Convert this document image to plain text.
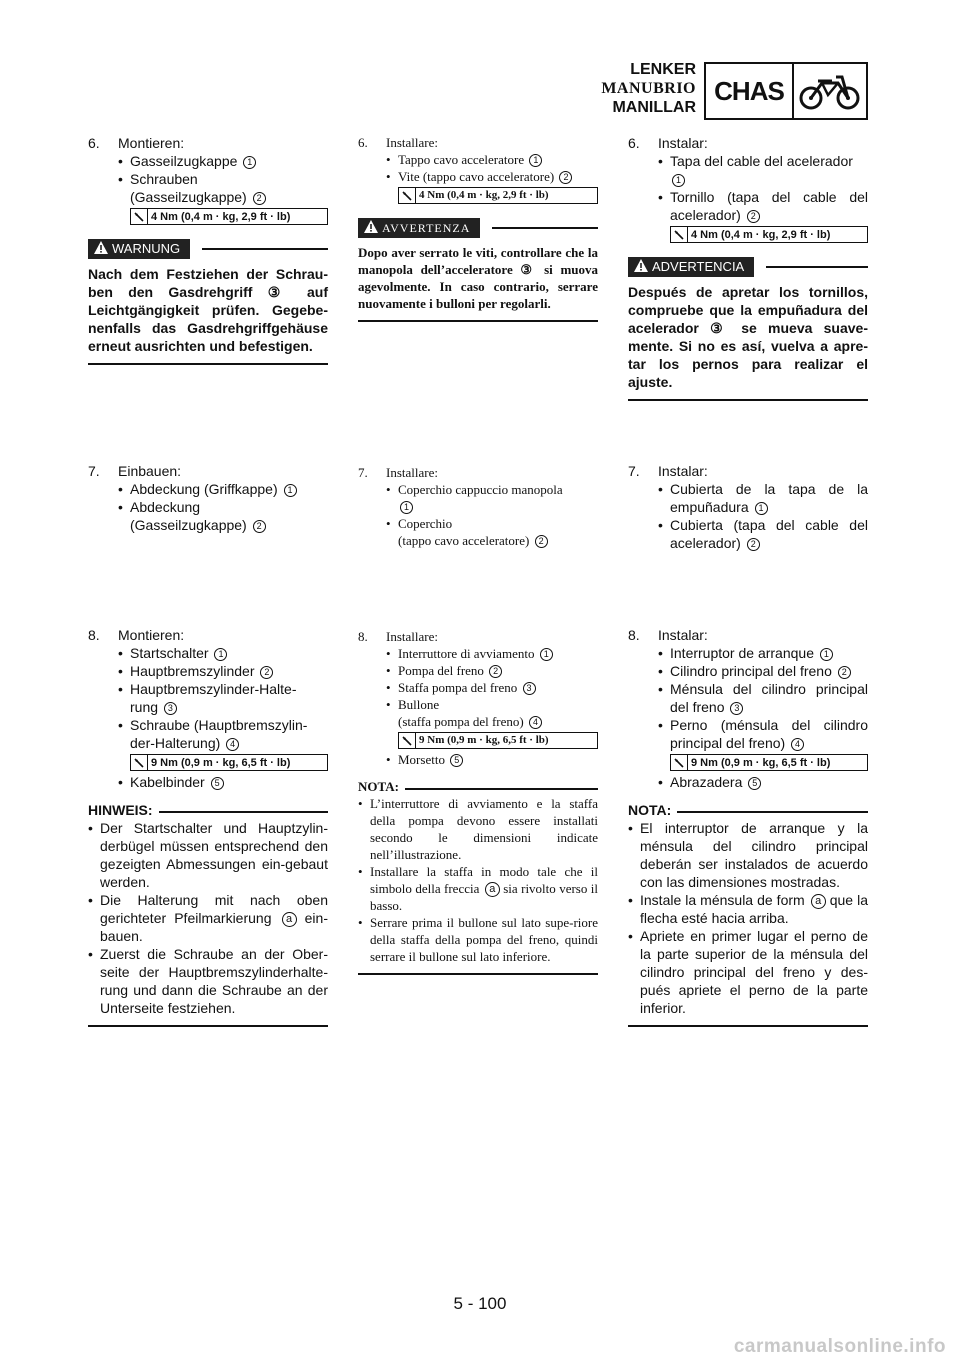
LENKER
MANUBRIO
MANILLAR
CHAS
6.	Montieren:
• Gasseilzugkappe 1
• Schrauben
(Gasseilzugkappe) 2
4 Nm (0,4 m · kg, 2,9 ft · lb)
WARNUNG
Nach dem Festziehen der Schrau-ben den Gasdrehgriff ③ auf Leichtgängigkeit prüfen. Gegebe-nenfalls das Gasdrehgriffgehäuse erneut ausrichten und befestigen.
7.	Einbauen:
• Abdeckung (Griffkappe) 1
• Abdeckung
(Gasseilzugkappe) 2
8.	Montieren:
• Startschalter 1
• Hauptbremszylinder 2
• Hauptbremszylinder-Halte-
rung 3
• Schraube (Hauptbremszylin-
der-Halterung) 4
9 Nm (0,9 m · kg, 6,5 ft · lb)
• Kabelbinder 5
HINWEIS:
• Der Startschalter und Hauptzylin-derbügel müssen entsprechend den gezeigten Abmessungen ein-gebaut werden.
• Die Halterung mit nach oben gerichteter Pfeilmarkierung a ein-bauen.
• Zuerst die Schraube an der Ober-seite der Hauptbremszylinderhalte-rung und dann die Schraube an der Unterseite festziehen.
6.	Installare:
• Tappo cavo acceleratore 1
• Vite (tappo cavo acceleratore) 2
4 Nm (0,4 m · kg, 2,9 ft · lb)
AVVERTENZA
Dopo aver serrato le viti, controllare che la manopola dell’acceleratore ③ si muova agevolmente. In caso contrario, serrare nuovamente i bulloni per regolarli.
7.	Installare:
• Coperchio cappuccio manopola
1
• Coperchio
(tappo cavo acceleratore) 2
8.	Installare:
• Interruttore di avviamento 1
• Pompa del freno 2
• Staffa pompa del freno 3
• Bullone
(staffa pompa del freno) 4
9 Nm (0,9 m · kg, 6,5 ft · lb)
• Morsetto 5
NOTA:
• L’interruttore di avviamento e la staffa della pompa devono essere installati secondo le dimensioni indicate nell’illustrazione.
• Installare la staffa in modo tale che il simbolo della freccia a sia rivolto verso il basso.
• Serrare prima il bullone sul lato supe-riore della staffa della pompa del freno, quindi serrare il bullone sul lato inferiore.
6.	Instalar:
• Tapa del cable del acelerador
1
• Tornillo (tapa del cable del acelerador) 2
4 Nm (0,4 m · kg, 2,9 ft · lb)
ADVERTENCIA
Después de apretar los tornillos, compruebe que la empuñadura del acelerador ③ se mueva suave-mente. Si no es así, vuelva a apre-tar los pernos para realizar el ajuste.
7.	Instalar:
• Cubierta de la tapa de la empuñadura 1
• Cubierta (tapa del cable del acelerador) 2
8.	Instalar:
• Interruptor de arranque 1
• Cilindro principal del freno 2
• Ménsula del cilindro principal del freno 3
• Perno (ménsula del cilindro principal del freno) 4
9 Nm (0,9 m · kg, 6,5 ft · lb)
• Abrazadera 5
NOTA:
• El interruptor de arranque y la ménsula del cilindro principal deberán ser instalados de acuerdo con las dimensiones mostradas.
• Instale la ménsula de form a que la flecha esté hacia arriba.
• Apriete en primer lugar el perno de la parte superior de la ménsula del cilindro principal del freno y des-pués apriete el perno de la parte inferior.
5 - 100
carmanualsonline.info
